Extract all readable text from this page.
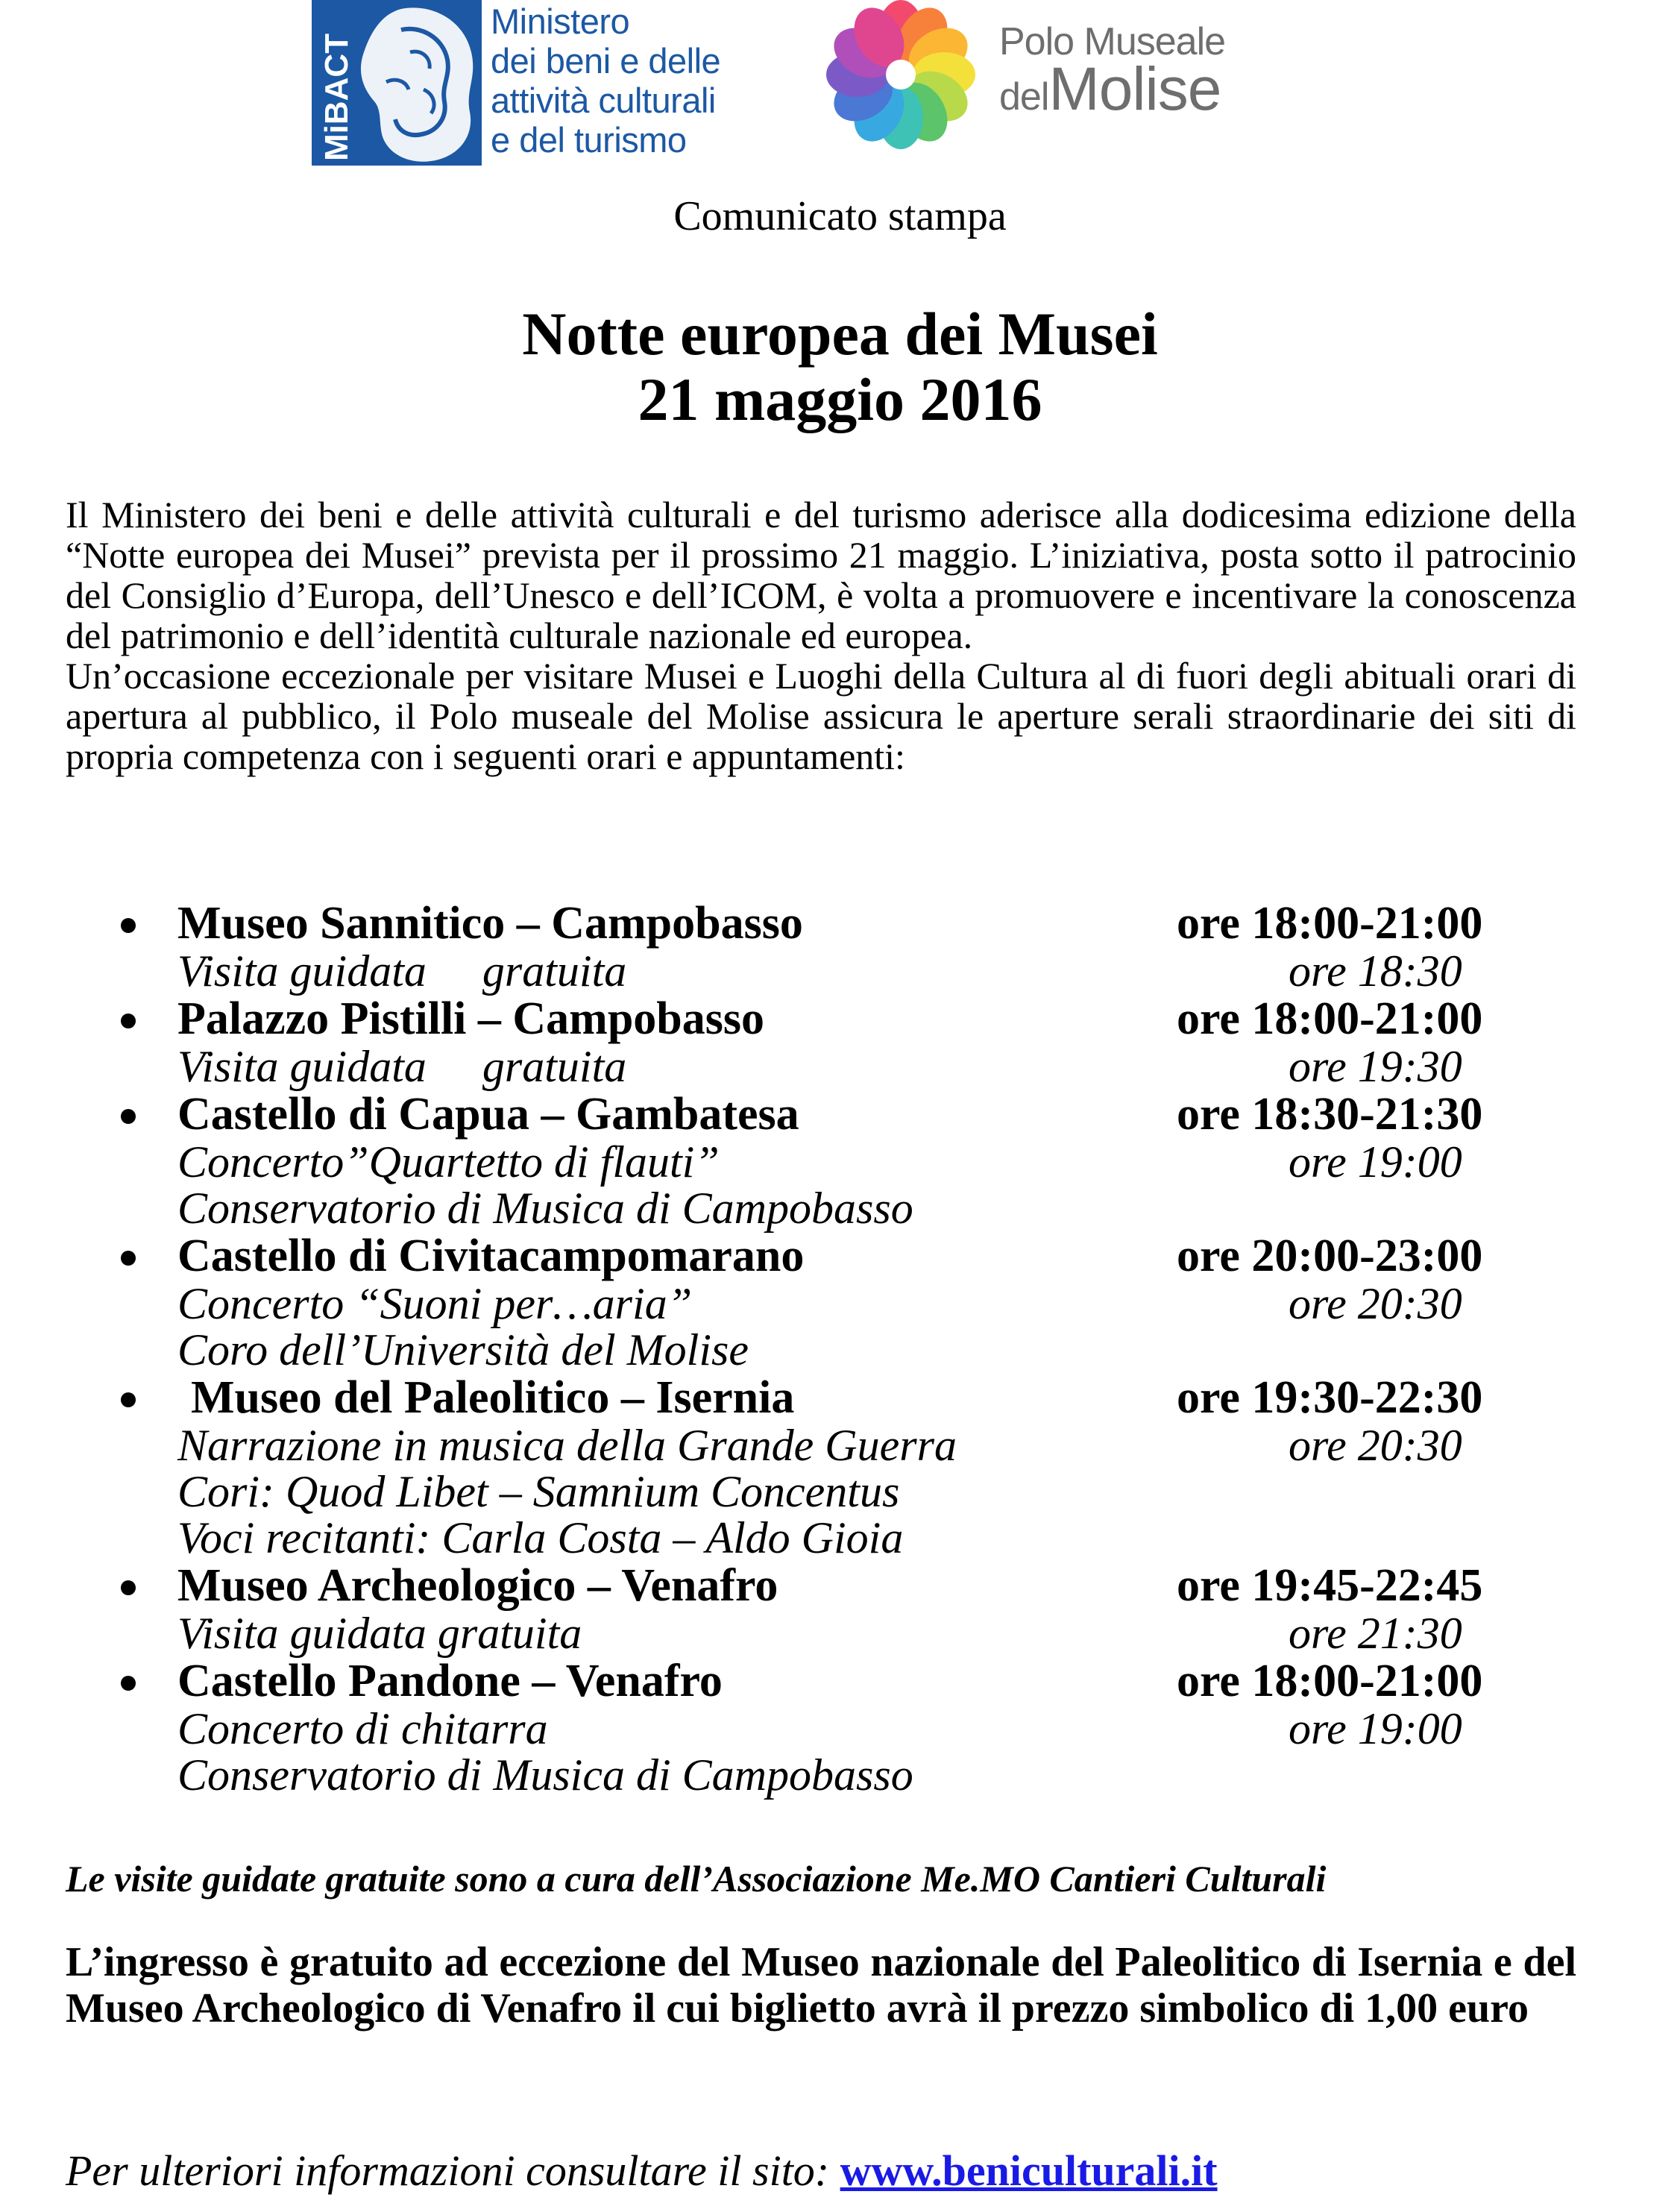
MiBACT
Ministero
dei beni e delle
attività culturali
e del turismo
Polo Museale
delMolise
Comunicato stampa
Notte europea dei Musei
21 maggio 2016

Il Ministero dei beni e delle attività culturali e del turismo aderisce alla dodicesima edizione della “Notte europea dei Musei” prevista per il prossimo 21 maggio. L’iniziativa, posta sotto il patrocinio del Consiglio d’Europa, dell’Unesco e dell’ICOM, è volta a promuovere e incentivare la conoscenza del patrimonio e dell’identità culturale nazionale ed europea.

Un’occasione eccezionale per visitare Musei e Luoghi della Cultura al di fuori degli abituali orari di apertura al pubblico, il Polo museale del Molise assicura le aperture serali straordinarie dei siti di propria competenza con i seguenti orari e appuntamenti:

Museo Sannitico – Campobasso	ore 18:00-21:00
Visita guidata     gratuita	ore 18:30
Palazzo Pistilli – Campobasso	ore 18:00-21:00
Visita guidata     gratuita	ore 19:30
Castello di Capua – Gambatesa	ore 18:30-21:30
Concerto”Quartetto di flauti”	ore 19:00
Conservatorio di Musica di Campobasso
Castello di Civitacampomarano	ore 20:00-23:00
Concerto “Suoni per…aria”	ore 20:30
Coro dell’Università del Molise
Museo del Paleolitico – Isernia	ore 19:30-22:30
Narrazione in musica della Grande Guerra	ore 20:30
Cori: Quod Libet – Samnium Concentus
Voci recitanti: Carla Costa – Aldo Gioia
Museo Archeologico – Venafro	ore 19:45-22:45
Visita guidata gratuita	ore 21:30
Castello Pandone – Venafro	ore 18:00-21:00
Concerto di chitarra	ore 19:00
Conservatorio di Musica di Campobasso
Le visite guidate gratuite sono a cura dell’Associazione Me.MO Cantieri Culturali
L’ingresso è gratuito ad eccezione del Museo nazionale del Paleolitico di Isernia e del Museo Archeologico di Venafro il cui biglietto avrà il prezzo simbolico di 1,00 euro
Per ulteriori informazioni consultare il sito: www.beniculturali.it
